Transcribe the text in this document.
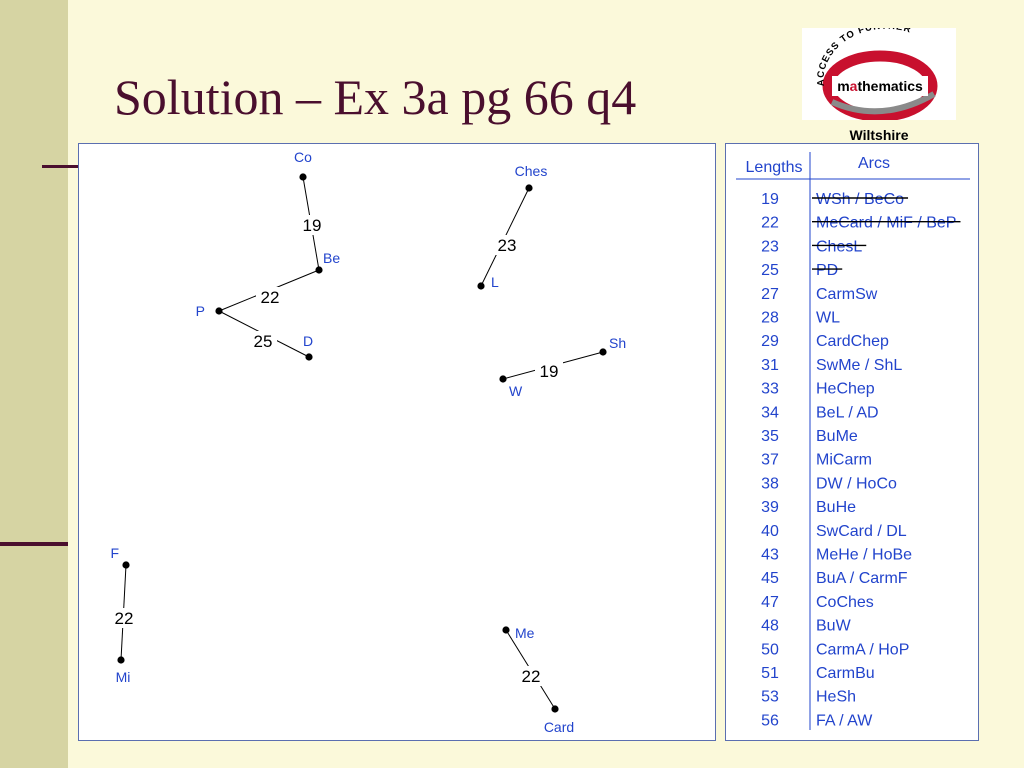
Solution – Ex 3a pg 66 q4	ACCESS TO FU R
mathematics
Wiltshire
19
22
25
23
19
22
22
Co
Be
P
D
Ches
L
Sh
W
F
Mi
Me
Card
Lengths	Arcs
19 WSh / BeCo
22 MeCard / MiF / BeP
23 ChesL
25 PD
27 CarmSw
28 WL
29 CardChep
31 SwMe / ShL
33 HeChep
34 BeL / AD
35 BuMe
37 MiCarm
38 DW / HoCo
39 BuHe
40 SwCard / DL
43 MeHe / HoBe
45 BuA / CarmF
47 CoChes
48 BuW
50 CarmA / HoP
51 CarmBu
53 HeSh
56 FA / AW
